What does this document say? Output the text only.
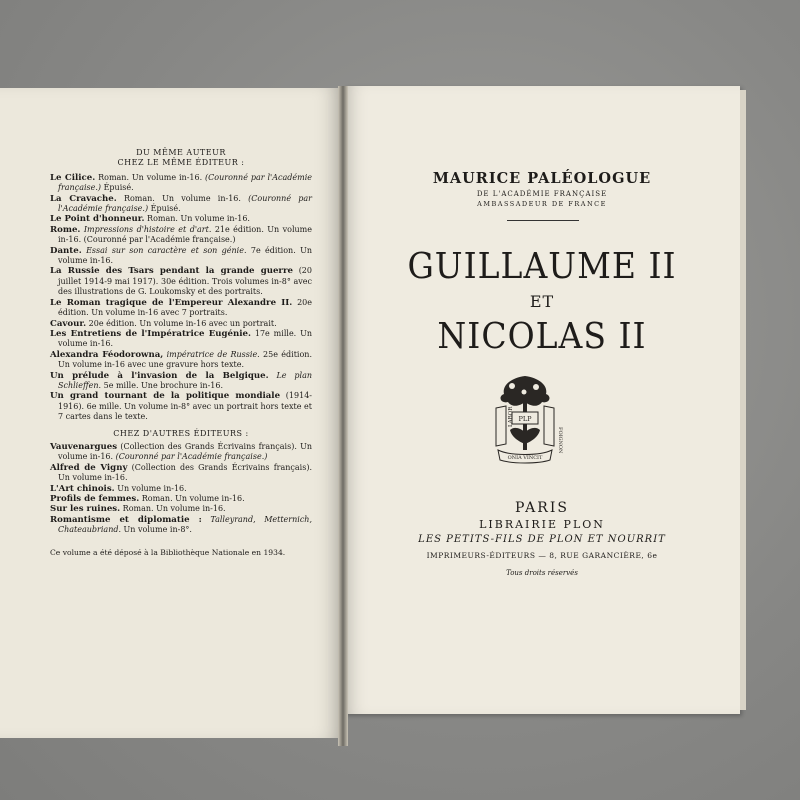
DU MÊME AUTEUR
CHEZ LE MÊME ÉDITEUR :

Le Cilice. Roman. Un volume in-16. (Couronné par l'Académie française.) Épuisé.

La Cravache. Roman. Un volume in-16. (Couronné par l'Académie française.) Épuisé.

Le Point d'honneur. Roman. Un volume in-16.

Rome. Impressions d'histoire et d'art. 21e édition. Un volume in-16. (Couronné par l'Académie française.)

Dante. Essai sur son caractère et son génie. 7e édition. Un volume in-16.

La Russie des Tsars pendant la grande guerre (20 juillet 1914-9 mai 1917). 30e édition. Trois volumes in-8° avec des illustrations de G. Loukomsky et des portraits.

Le Roman tragique de l'Empereur Alexandre II. 20e édition. Un volume in-16 avec 7 portraits.

Cavour. 20e édition. Un volume in-16 avec un portrait.

Les Entretiens de l'Impératrice Eugénie. 17e mille. Un volume in-16.

Alexandra Féodorowna, impératrice de Russie. 25e édition. Un volume in-16 avec une gravure hors texte.

Un prélude à l'invasion de la Belgique. Le plan Schlieffen. 5e mille. Une brochure in-16.

Un grand tournant de la politique mondiale (1914-1916). 6e mille. Un volume in-8° avec un portrait hors texte et 7 cartes dans le texte.

CHEZ D'AUTRES ÉDITEURS :

Vauvenargues (Collection des Grands Écrivains français). Un volume in-16. (Couronné par l'Académie française.)

Alfred de Vigny (Collection des Grands Écrivains français). Un volume in-16.

L'Art chinois. Un volume in-16.

Profils de femmes. Roman. Un volume in-16.

Sur les ruines. Roman. Un volume in-16.

Romantisme et diplomatie : Talleyrand, Metternich, Chateaubriand. Un volume in-8°.

Ce volume a été déposé à la Bibliothèque Nationale en 1934.
MAURICE PALÉOLOGUE
DE L'ACADÉMIE FRANÇAISE
AMBASSADEUR DE FRANCE
GUILLAUME II
ET
NICOLAS II
LABOR
FOIGNON
PLP
ONIA VINCIT
PARIS
LIBRAIRIE PLON
LES PETITS-FILS DE PLON ET NOURRIT
IMPRIMEURS-ÉDITEURS — 8, RUE GARANCIÈRE, 6e
Tous droits réservés
